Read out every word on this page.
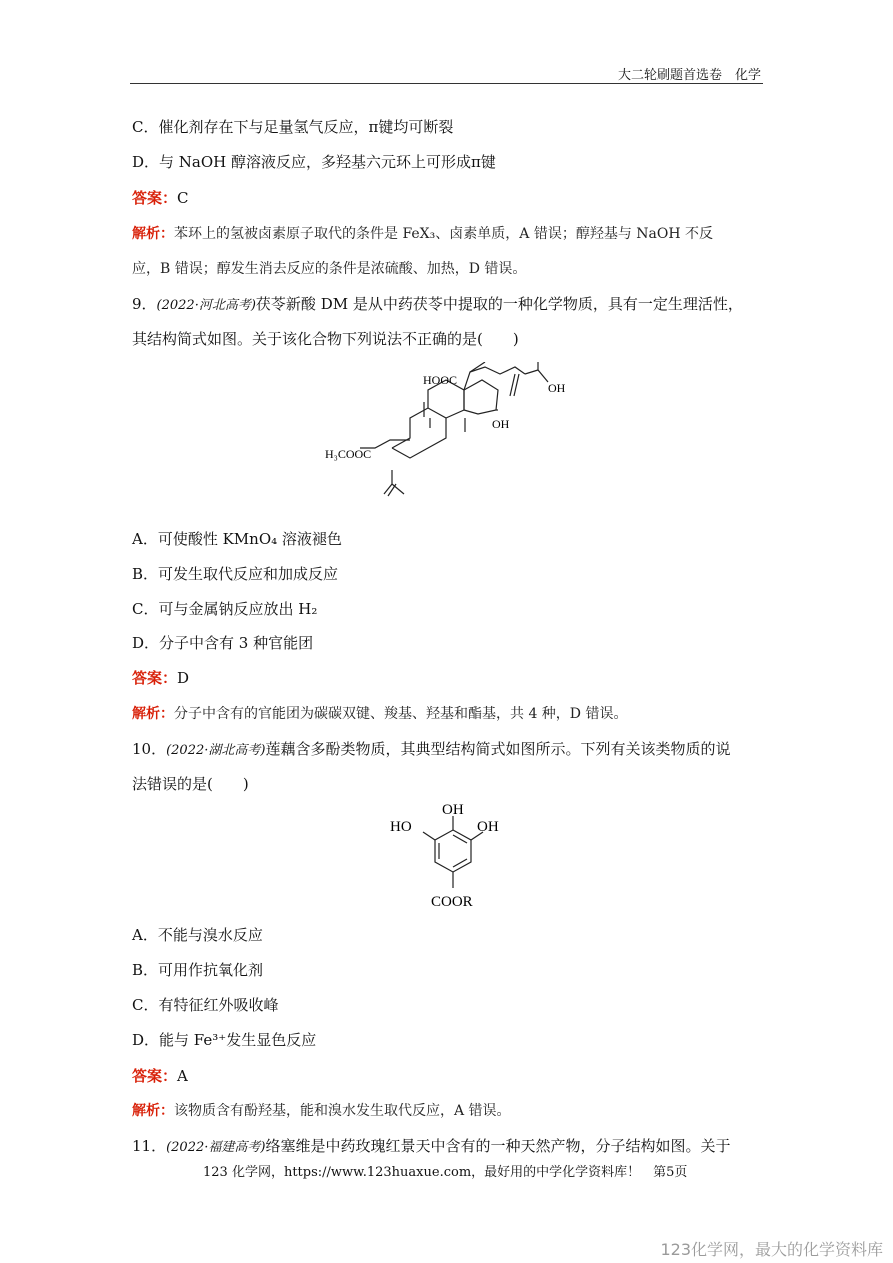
大二轮刷题首选卷　化学
C．催化剂存在下与足量氢气反应，π键均可断裂
D．与 NaOH 醇溶液反应，多羟基六元环上可形成π键
答案：C
解析：苯环上的氢被卤素原子取代的条件是 FeX₃、卤素单质，A 错误；醇羟基与 NaOH 不反
应，B 错误；醇发生消去反应的条件是浓硫酸、加热，D 错误。
9．(2022·河北高考)茯苓新酸 DM 是从中药茯苓中提取的一种化学物质，具有一定生理活性，
其结构简式如图。关于该化合物下列说法不正确的是(　　)
HOOC
OH
OH
H₃COOC
A．可使酸性 KMnO₄ 溶液褪色
B．可发生取代反应和加成反应
C．可与金属钠反应放出 H₂
D．分子中含有 3 种官能团
答案：D
解析：分子中含有的官能团为碳碳双键、羧基、羟基和酯基，共 4 种，D 错误。
10．(2022·湖北高考)莲藕含多酚类物质，其典型结构简式如图所示。下列有关该类物质的说
法错误的是(　　)
OH
HO	OH
COOR
A．不能与溴水反应
B．可用作抗氧化剂
C．有特征红外吸收峰
D．能与 Fe³⁺发生显色反应
答案：A
解析：该物质含有酚羟基，能和溴水发生取代反应，A 错误。
11．(2022·福建高考)络塞维是中药玫瑰红景天中含有的一种天然产物，分子结构如图。关于
123 化学网，https://www.123huaxue.com，最好用的中学化学资料库！　第5页
123化学网，最大的化学资料库
